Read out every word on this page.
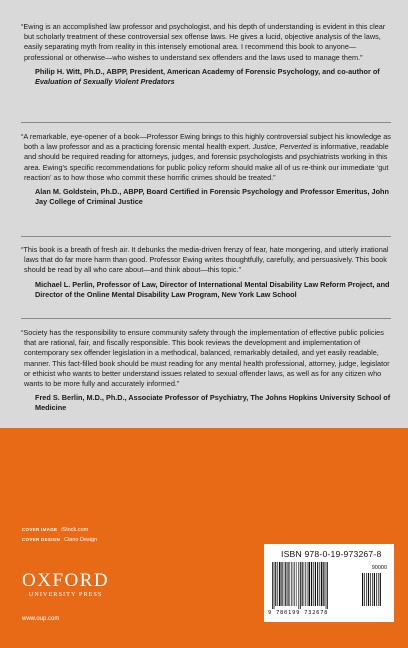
“Ewing is an accomplished law professor and psychologist, and his depth of understanding is evident in this clear but scholarly treatment of these controversial sex offense laws. He gives a lucid, objective analysis of the laws, easily separating myth from reality in this intensely emotional area. I recommend this book to anyone—professional or otherwise—who wishes to understand sex offenders and the laws used to manage them.”

Philip H. Witt, Ph.D., ABPP, President, American Academy of Forensic Psychology, and co-author of
Evaluation of Sexually Violent Predators

“A remarkable, eye-opener of a book—Professor Ewing brings to this highly controversial subject his knowledge as both a law professor and as a practicing forensic mental health expert. Justice, Perverted is informative, readable and should be required reading for attorneys, judges, and forensic psychologists and psychiatrists working in this area. Ewing's specific recommendations for public policy reform should make all of us re-think our immediate ‘gut reaction’ as to how those who commit these horrific crimes should be treated.”

Alan M. Goldstein, Ph.D., ABPP, Board Certified in Forensic Psychology and Professor Emeritus, John Jay College of Criminal Justice

“This book is a breath of fresh air. It debunks the media-driven frenzy of fear, hate mongering, and utterly irrational laws that do far more harm than good. Professor Ewing writes thoughtfully, carefully, and persuasively. This book should be read by all who care about—and think about—this topic.”

Michael L. Perlin, Professor of Law, Director of International Mental Disability Law Reform Project, and Director of the Online Mental Disability Law Program, New York Law School

“Society has the responsibility to ensure community safety through the implementation of effective public policies that are rational, fair, and fiscally responsible. This book reviews the development and implementation of contemporary sex offender legislation in a methodical, balanced, remarkably detailed, and yet easily readable, manner. This fact-filled book should be must reading for any mental health professional, attorney, judge, legislator or ethicist who wants to better understand issues related to sexual offender laws, as well as for any citizen who wants to be more fully and accurately informed.”

Fred S. Berlin, M.D., Ph.D., Associate Professor of Psychiatry, The Johns Hopkins University School of Medicine

COVER IMAGE iStock.com
COVER DESIGN Ciano Design
OXFORD
UNIVERSITY PRESS
www.oup.com
ISBN 978-0-19-973267-8
90000
9 780199 732678
